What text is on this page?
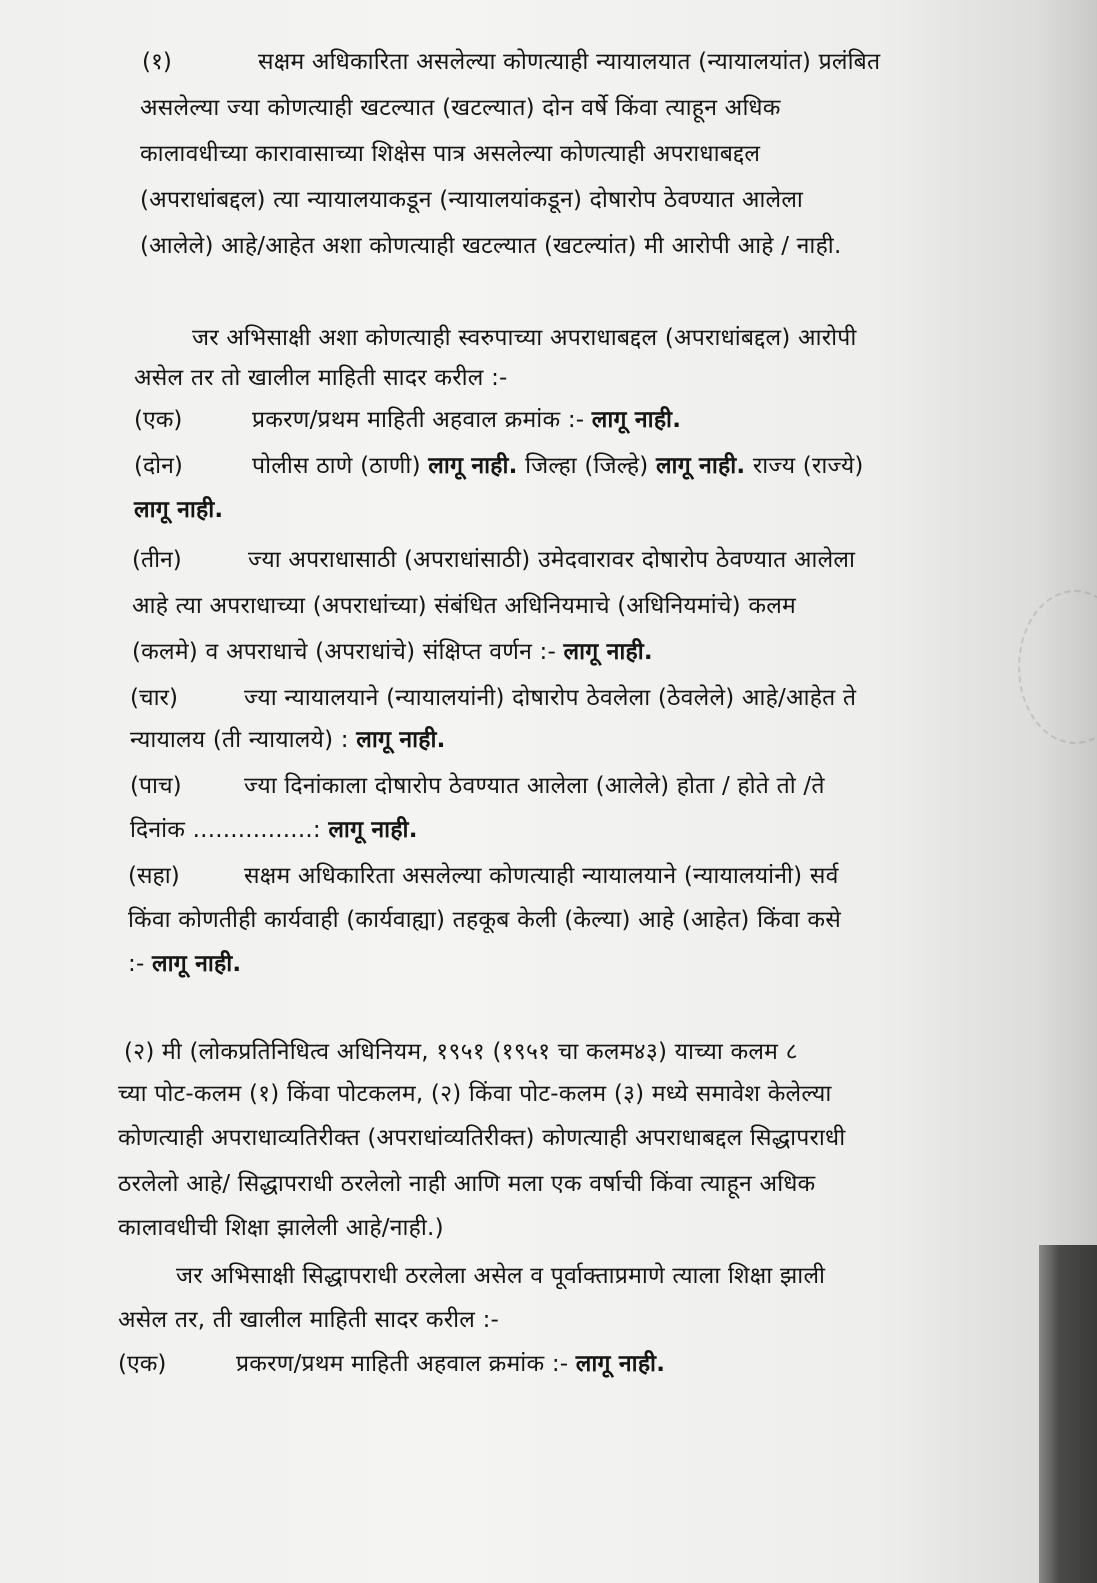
(१)	सक्षम अधिकारिता असलेल्या कोणत्याही न्यायालयात (न्यायालयांत) प्रलंबित
असलेल्या ज्या कोणत्याही खटल्यात (खटल्यात) दोन वर्षे किंवा त्याहून अधिक
कालावधीच्या कारावासाच्या शिक्षेस पात्र असलेल्या कोणत्याही अपराधाबद्दल
(अपराधांबद्दल) त्या न्यायालयाकडून (न्यायालयांकडून) दोषारोप ठेवण्यात आलेला
(आलेले) आहे/आहेत अशा कोणत्याही खटल्यात (खटल्यांत) मी आरोपी आहे / नाही.
जर अभिसाक्षी अशा कोणत्याही स्वरुपाच्या अपराधाबद्दल (अपराधांबद्दल) आरोपी
असेल तर तो खालील माहिती सादर करील :-
(एक)	प्रकरण/प्रथम माहिती अहवाल क्रमांक :- लागू नाही.
(दोन)	पोलीस ठाणे (ठाणी) लागू नाही. जिल्हा (जिल्हे) लागू नाही. राज्य (राज्ये)
लागू नाही.
(तीन)	ज्या अपराधासाठी (अपराधांसाठी) उमेदवारावर दोषारोप ठेवण्यात आलेला
आहे त्या अपराधाच्या (अपराधांच्या) संबंधित अधिनियमाचे (अधिनियमांचे) कलम
(कलमे) व अपराधाचे (अपराधांचे) संक्षिप्त वर्णन :- लागू नाही.
(चार)	ज्या न्यायालयाने (न्यायालयांनी) दोषारोप ठेवलेला (ठेवलेले) आहे/आहेत ते
न्यायालय (ती न्यायालये) : लागू नाही.
(पाच)	ज्या दिनांकाला दोषारोप ठेवण्यात आलेला (आलेले) होता / होते तो /ते
दिनांक ................: लागू नाही.
(सहा)	सक्षम अधिकारिता असलेल्या कोणत्याही न्यायालयाने (न्यायालयांनी) सर्व
किंवा कोणतीही कार्यवाही (कार्यवाह्या) तहकूब केली (केल्या) आहे (आहेत) किंवा कसे
:- लागू नाही.
(२) मी (लोकप्रतिनिधित्व अधिनियम, १९५१ (१९५१ चा कलम४३) याच्या कलम ८
च्या पोट-कलम (१) किंवा पोटकलम, (२) किंवा पोट-कलम (३) मध्ये समावेश केलेल्या
कोणत्याही अपराधाव्यतिरीक्त (अपराधांव्यतिरीक्त) कोणत्याही अपराधाबद्दल सिद्धापराधी
ठरलेलो आहे/ सिद्धापराधी ठरलेलो नाही आणि मला एक वर्षाची किंवा त्याहून अधिक
कालावधीची शिक्षा झालेली आहे/नाही.)
जर अभिसाक्षी सिद्धापराधी ठरलेला असेल व पूर्वाक्ताप्रमाणे त्याला शिक्षा झाली
असेल तर, ती खालील माहिती सादर करील :-
(एक)	प्रकरण/प्रथम माहिती अहवाल क्रमांक :- लागू नाही.
